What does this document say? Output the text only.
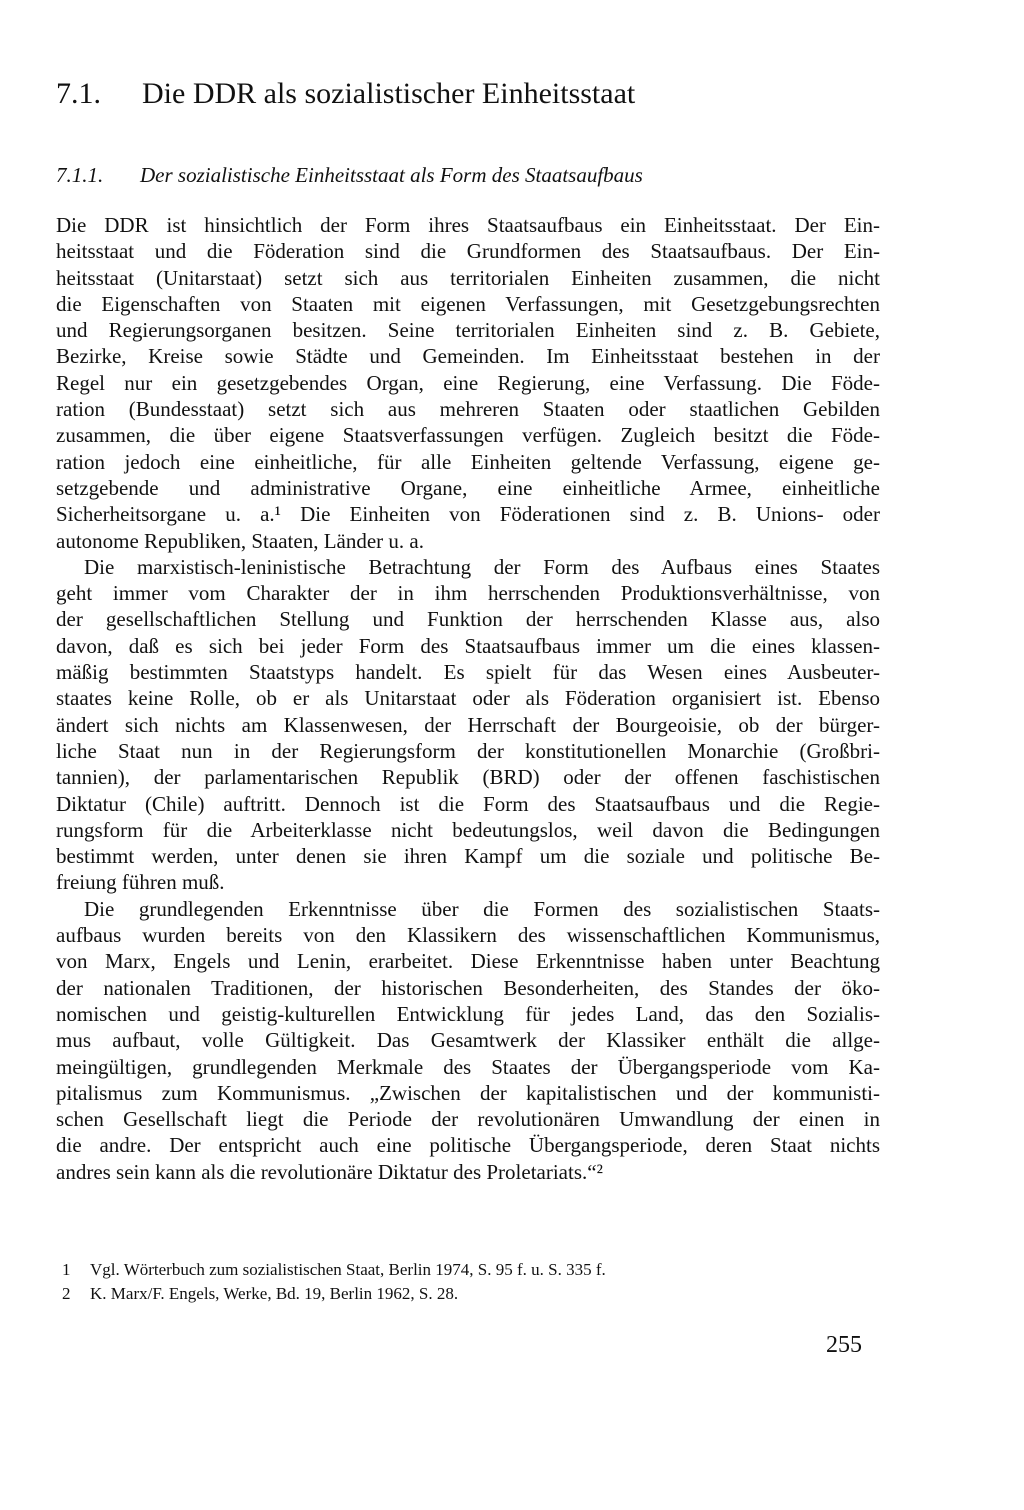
7.1. Die DDR als sozialistischer Einheitsstaat
7.1.1. Der sozialistische Einheitsstaat als Form des Staatsaufbaus
Die DDR ist hinsichtlich der Form ihres Staatsaufbaus ein Einheitsstaat. Der Ein-
heitsstaat und die Föderation sind die Grundformen des Staatsaufbaus. Der Ein-
heitsstaat (Unitarstaat) setzt sich aus territorialen Einheiten zusammen, die nicht
die Eigenschaften von Staaten mit eigenen Verfassungen, mit Gesetzgebungsrechten
und Regierungsorganen besitzen. Seine territorialen Einheiten sind z. B. Gebiete,
Bezirke, Kreise sowie Städte und Gemeinden. Im Einheitsstaat bestehen in der
Regel nur ein gesetzgebendes Organ, eine Regierung, eine Verfassung. Die Föde-
ration (Bundesstaat) setzt sich aus mehreren Staaten oder staatlichen Gebilden
zusammen, die über eigene Staatsverfassungen verfügen. Zugleich besitzt die Föde-
ration jedoch eine einheitliche, für alle Einheiten geltende Verfassung, eigene ge-
setzgebende und administrative Organe, eine einheitliche Armee, einheitliche
Sicherheitsorgane u. a.¹ Die Einheiten von Föderationen sind z. B. Unions- oder
autonome Republiken, Staaten, Länder u. a.
Die marxistisch-leninistische Betrachtung der Form des Aufbaus eines Staates
geht immer vom Charakter der in ihm herrschenden Produktionsverhältnisse, von
der gesellschaftlichen Stellung und Funktion der herrschenden Klasse aus, also
davon, daß es sich bei jeder Form des Staatsaufbaus immer um die eines klassen-
mäßig bestimmten Staatstyps handelt. Es spielt für das Wesen eines Ausbeuter-
staates keine Rolle, ob er als Unitarstaat oder als Föderation organisiert ist. Ebenso
ändert sich nichts am Klassenwesen, der Herrschaft der Bourgeoisie, ob der bürger-
liche Staat nun in der Regierungsform der konstitutionellen Monarchie (Großbri-
tannien), der parlamentarischen Republik (BRD) oder der offenen faschistischen
Diktatur (Chile) auftritt. Dennoch ist die Form des Staatsaufbaus und die Regie-
rungsform für die Arbeiterklasse nicht bedeutungslos, weil davon die Bedingungen
bestimmt werden, unter denen sie ihren Kampf um die soziale und politische Be-
freiung führen muß.
Die grundlegenden Erkenntnisse über die Formen des sozialistischen Staats-
aufbaus wurden bereits von den Klassikern des wissenschaftlichen Kommunismus,
von Marx, Engels und Lenin, erarbeitet. Diese Erkenntnisse haben unter Beachtung
der nationalen Traditionen, der historischen Besonderheiten, des Standes der öko-
nomischen und geistig-kulturellen Entwicklung für jedes Land, das den Sozialis-
mus aufbaut, volle Gültigkeit. Das Gesamtwerk der Klassiker enthält die allge-
meingültigen, grundlegenden Merkmale des Staates der Übergangsperiode vom Ka-
pitalismus zum Kommunismus. „Zwischen der kapitalistischen und der kommunisti-
schen Gesellschaft liegt die Periode der revolutionären Umwandlung der einen in
die andre. Der entspricht auch eine politische Übergangsperiode, deren Staat nichts
andres sein kann als die revolutionäre Diktatur des Proletariats.“²
1 Vgl. Wörterbuch zum sozialistischen Staat, Berlin 1974, S. 95 f. u. S. 335 f.
2 K. Marx/F. Engels, Werke, Bd. 19, Berlin 1962, S. 28.
255
